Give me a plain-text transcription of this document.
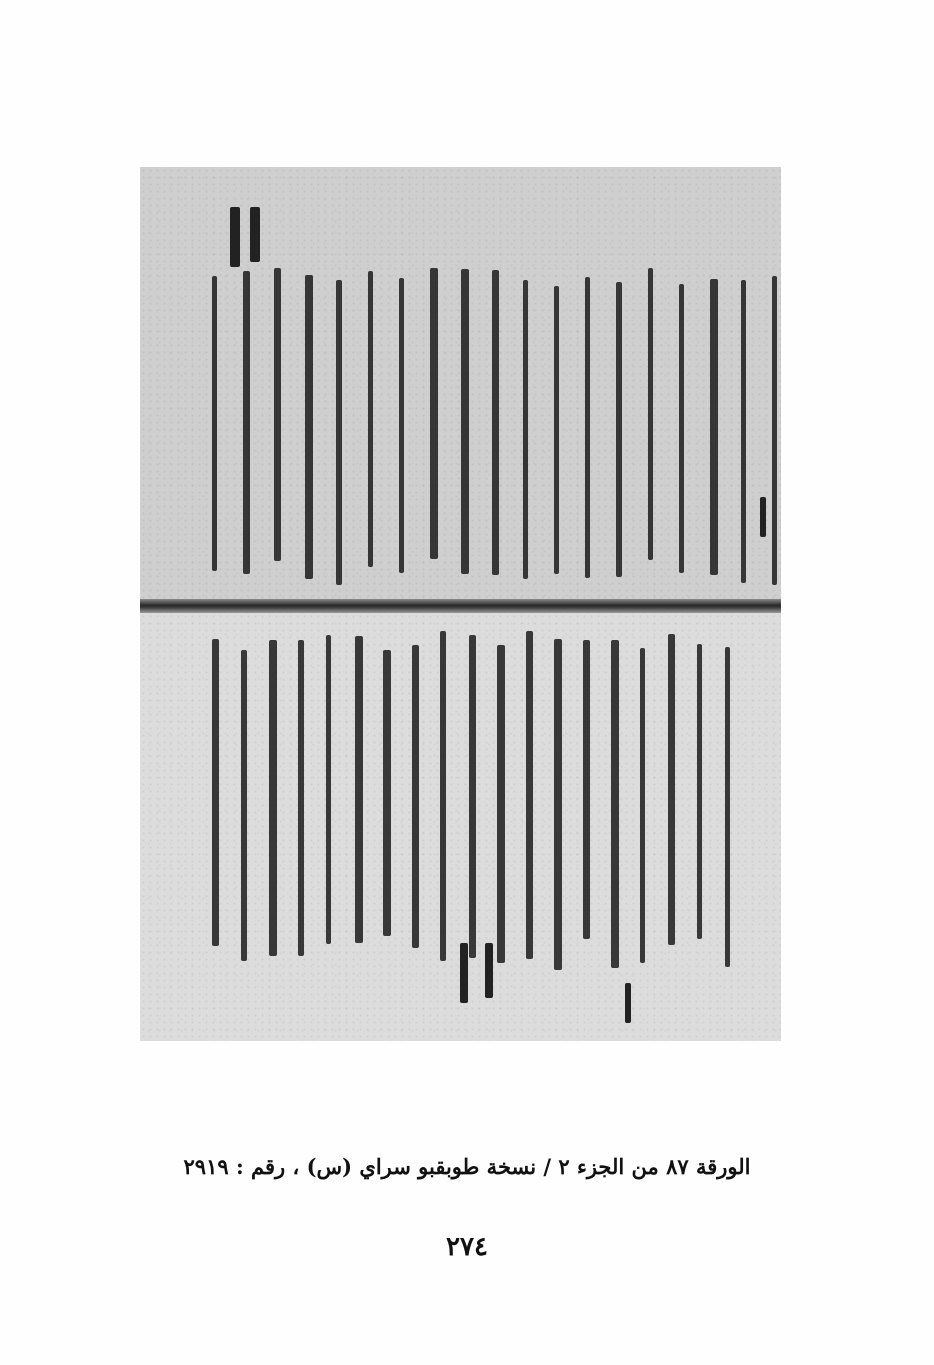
الورقة ٨٧ من الجزء ٢ / نسخة طوبقبو سراي (س) ، رقم : ٢٩١٩
٢٧٤
